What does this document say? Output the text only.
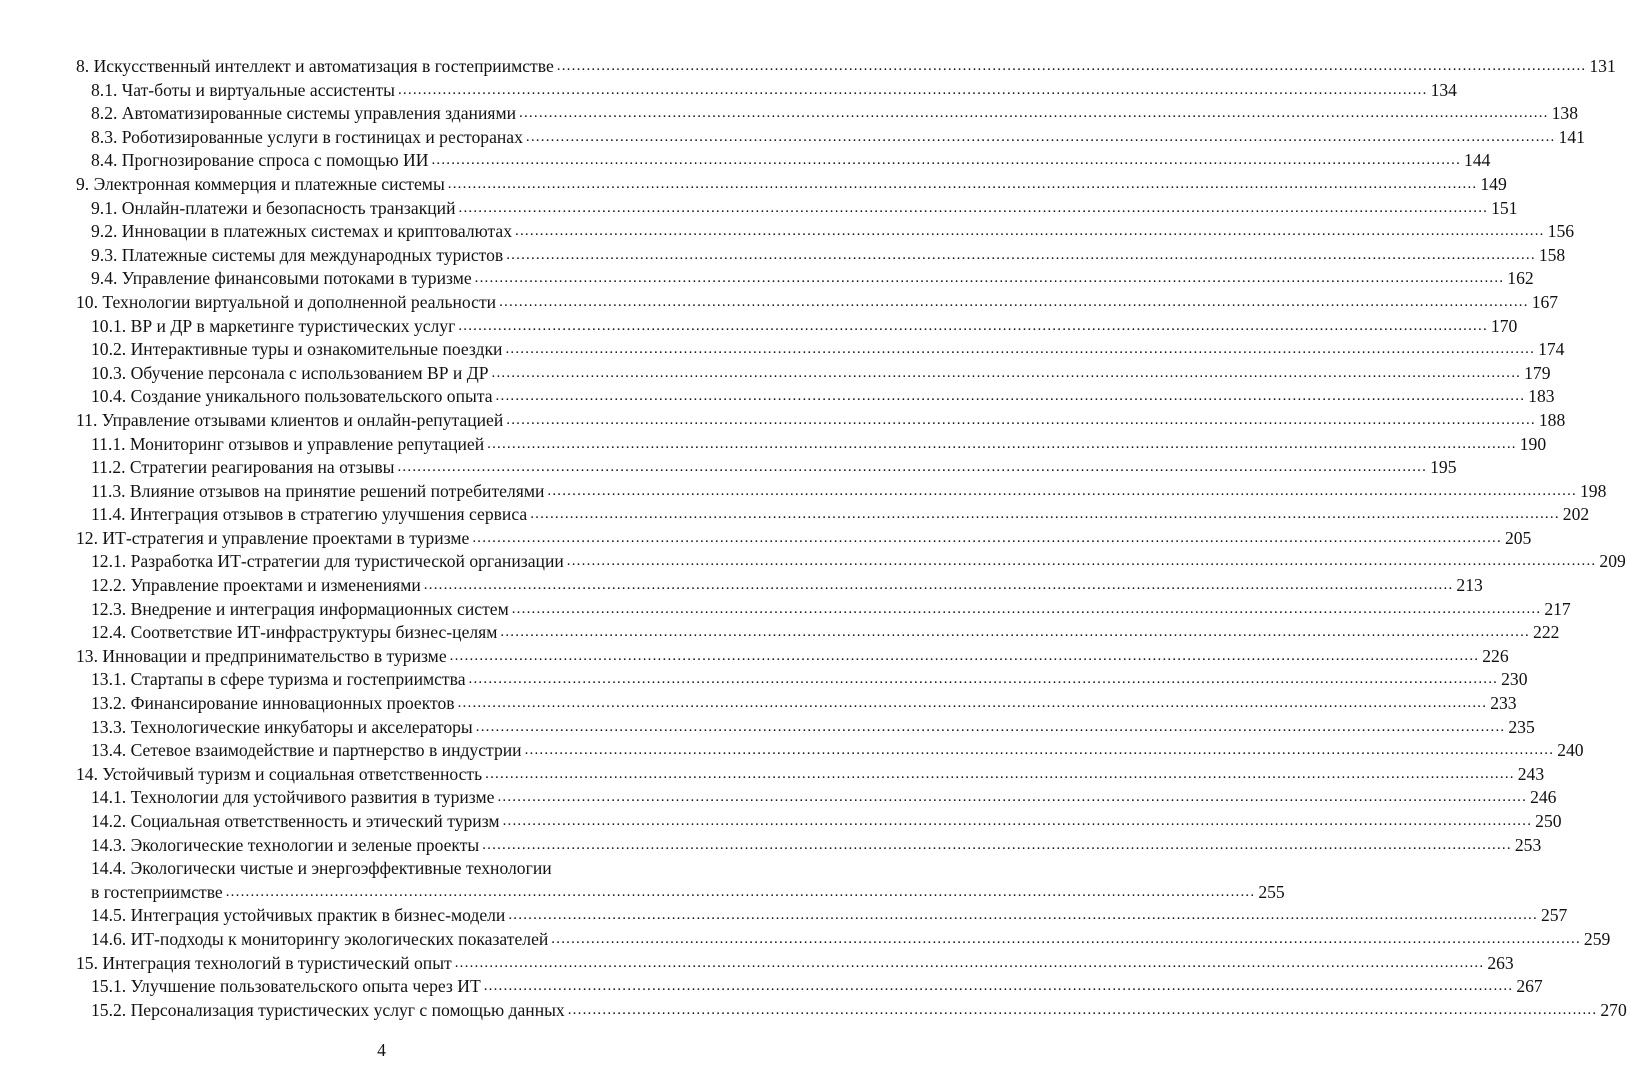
8. Искусственный интеллект и автоматизация в гостеприимстве .....	131
8.1. Чат-боты и виртуальные ассистенты .....	134
8.2. Автоматизированные системы управления зданиями .....	138
8.3. Роботизированные услуги в гостиницах и ресторанах .....	141
8.4. Прогнозирование спроса с помощью ИИ .....	144
9. Электронная коммерция и платежные системы .....	149
9.1. Онлайн-платежи и безопасность транзакций .....	151
9.2. Инновации в платежных системах и криптовалютах .....	156
9.3. Платежные системы для международных туристов .....	158
9.4. Управление финансовыми потоками в туризме .....	162
10. Технологии виртуальной и дополненной реальности .....	167
10.1. ВР и ДР в маркетинге туристических услуг .....	170
10.2. Интерактивные туры и ознакомительные поездки .....	174
10.3. Обучение персонала с использованием ВР и ДР .....	179
10.4. Создание уникального пользовательского опыта .....	183
11. Управление отзывами клиентов и онлайн-репутацией .....	188
11.1. Мониторинг отзывов и управление репутацией .....	190
11.2. Стратегии реагирования на отзывы .....	195
11.3. Влияние отзывов на принятие решений потребителями .....	198
11.4. Интеграция отзывов в стратегию улучшения сервиса .....	202
12. ИТ-стратегия и управление проектами в туризме .....	205
12.1. Разработка ИТ-стратегии для туристической организации .....	209
12.2. Управление проектами и изменениями .....	213
12.3. Внедрение и интеграция информационных систем .....	217
12.4. Соответствие ИТ-инфраструктуры бизнес-целям .....	222
13. Инновации и предпринимательство в туризме .....	226
13.1. Стартапы в сфере туризма и гостеприимства .....	230
13.2. Финансирование инновационных проектов .....	233
13.3. Технологические инкубаторы и акселераторы .....	235
13.4. Сетевое взаимодействие и партнерство в индустрии .....	240
14. Устойчивый туризм и социальная ответственность .....	243
14.1. Технологии для устойчивого развития в туризме .....	246
14.2. Социальная ответственность и этический туризм .....	250
14.3. Экологические технологии и зеленые проекты .....	253
14.4. Экологически чистые и энергоэффективные технологии
в гостеприимстве .....	255
14.5. Интеграция устойчивых практик в бизнес-модели .....	257
14.6. ИТ-подходы к мониторингу экологических показателей .....	259
15. Интеграция технологий в туристический опыт .....	263
15.1. Улучшение пользовательского опыта через ИТ .....	267
15.2. Персонализация туристических услуг с помощью данных .....	270
4
